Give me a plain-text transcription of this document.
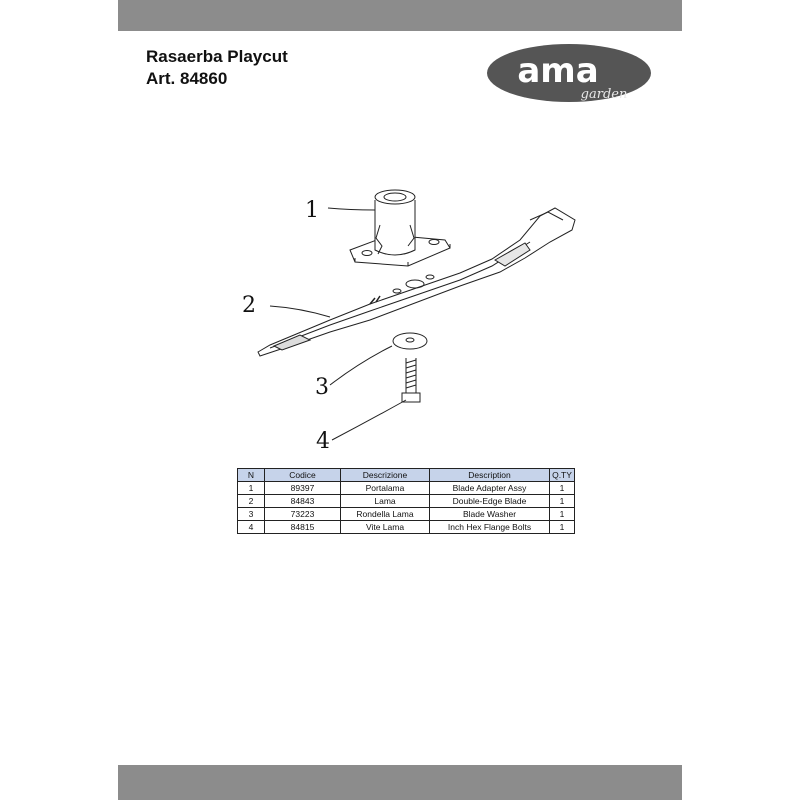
Rasaerba Playcut
Art. 84860	ama
garden
1
2
3
4
N	Codice	Descrizione	Description	Q.TY
1	89397	Portalama	Blade Adapter Assy	1
2	84843	Lama	Double-Edge Blade	1
3	73223	Rondella Lama	Blade Washer	1
4	84815	Vite Lama	Inch Hex Flange Bolts	1
